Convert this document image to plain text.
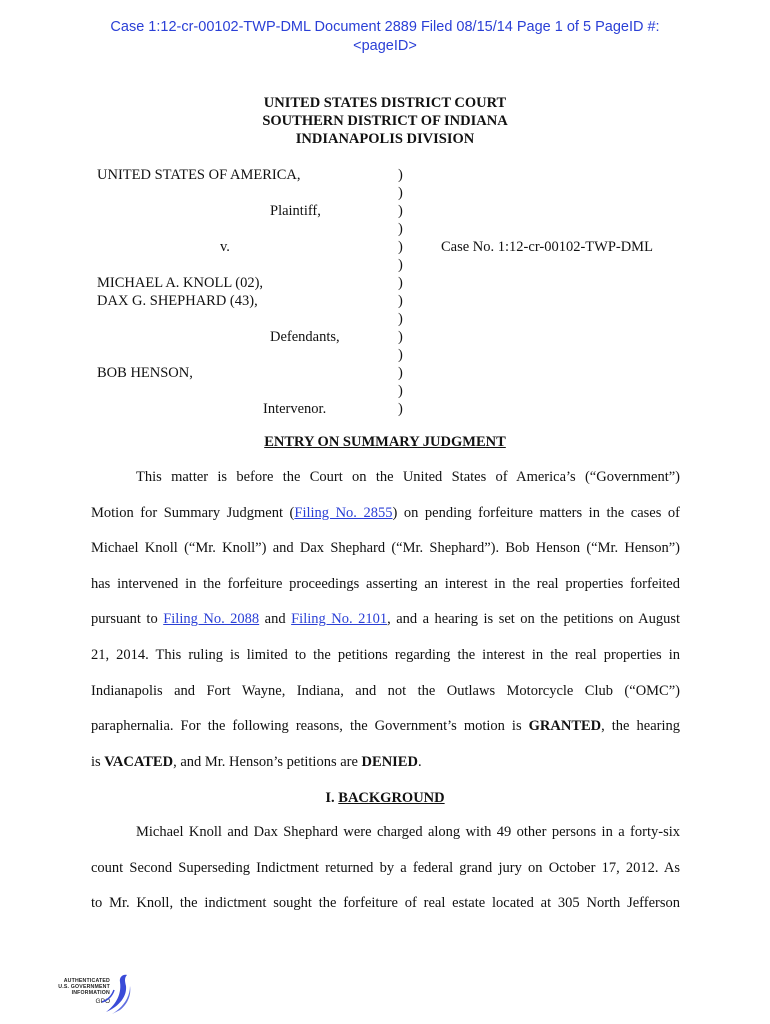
Case 1:12-cr-00102-TWP-DML Document 2889 Filed 08/15/14 Page 1 of 5 PageID #:
<pageID>
UNITED STATES DISTRICT COURT
SOUTHERN DISTRICT OF INDIANA
INDIANAPOLIS DIVISION
UNITED STATES OF AMERICA,
Plaintiff,
v.	Case No. 1:12-cr-00102-TWP-DML
MICHAEL A. KNOLL (02),
DAX G. SHEPHARD (43),
Defendants,
BOB HENSON,
Intervenor.
)
)
)
)
)
)
)
)
)
)
)
)
)
)
ENTRY ON SUMMARY JUDGMENT
This matter is before the Court on the United States of America’s (“Government”)
Motion for Summary Judgment (Filing No. 2855) on pending forfeiture matters in the cases of
Michael Knoll (“Mr. Knoll”) and Dax Shephard (“Mr. Shephard”). Bob Henson (“Mr. Henson”)
has intervened in the forfeiture proceedings asserting an interest in the real properties forfeited
pursuant to Filing No. 2088 and Filing No. 2101, and a hearing is set on the petitions on August
21, 2014. This ruling is limited to the petitions regarding the interest in the real properties in
Indianapolis and Fort Wayne, Indiana, and not the Outlaws Motorcycle Club (“OMC”)
paraphernalia. For the following reasons, the Government’s motion is GRANTED, the hearing
is VACATED, and Mr. Henson’s petitions are DENIED.
I. BACKGROUND
Michael Knoll and Dax Shephard were charged along with 49 other persons in a forty-six
count Second Superseding Indictment returned by a federal grand jury on October 17, 2012. As
to Mr. Knoll, the indictment sought the forfeiture of real estate located at 305 North Jefferson
AUTHENTICATED
U.S. GOVERNMENT
INFORMATION
GPO
